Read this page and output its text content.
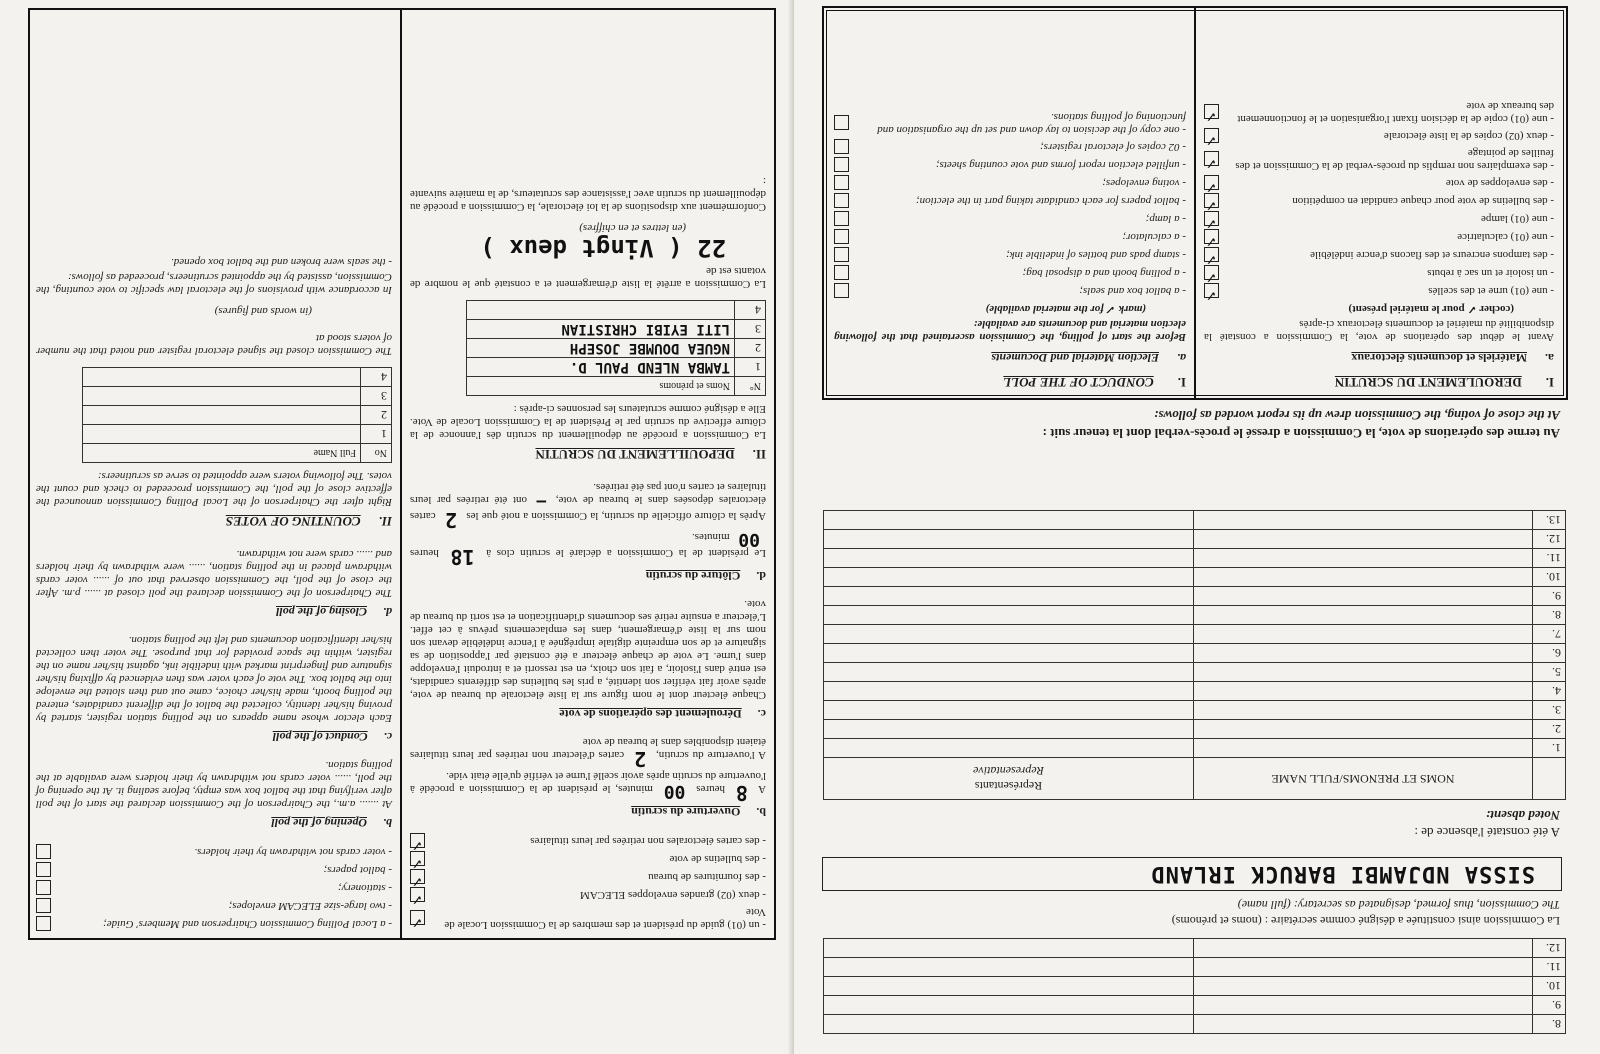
8.		
9.		
10.		
11.		
12.		
La Commission ainsi constituée a désigné comme secrétaire : (noms et prénoms)
The Commission, thus formed, designated as secretary: (full name)
SISSA NDJAMBI BARUCK IRLAND
A été constaté l'absence de :
Noted absent:
	NOMS ET PRENOMS/FULL NAME	Représentants
Representative

1.		
2.		
3.		
4.		
5.		
6.		
7.		
8.		
9.		
10.		
11.		
12.		
13.		
Au terme des opérations de vote, la Commission a dressé le procès-verbal dont la teneur suit :
At the close of voting, the Commission drew up its report worded as follows:
I.
DEROULEMENT DU SCRUTIN
a.
Matériels et documents électoraux
Avant le début des opérations de vote, la Commission a constaté la disponibilité du matériel et documents électoraux ci-après
(cocher ✓ pour le matériel présent)
- une (01) urne et des scellés
✓
- un isoloir et un sac à rebuts
✓
- des tampons encreurs et des flacons d'encre indélébile
✓
- une (01) calculatrice
✓
- une (01) lampe
✓
- des bulletins de vote pour chaque candidat en compétition
✓
- des enveloppes de vote
✓
- des exemplaires non remplis du procès-verbal de la Commission et des feuilles de pointage
✓
- deux (02) copies de la liste électorale
✓
- une (01) copie de la décision fixant l'organisation et le fonctionnement des bureaux de vote
✓
I.
CONDUCT OF THE POLL
a.
Election Material and Documents
Before the start of polling, the Commission ascertained that the following election material and documents are available:
(mark ✓ for the material available)
- a ballot box and seals;
- a polling booth and a disposal bag;
- stamp pads and bottles of indelible ink;
- a calculator;
- a lamp;
- ballot papers for each candidate taking part in the election;
- voting envelopes;
- unfilled election report forms and vote counting sheets;
- 02 copies of electoral registers;
- one copy of the decision to lay down and set up the organisation and functioning of polling stations.
- un (01) guide du président et des membres de la Commission Locale de Vote
✓
- deux (02) grandes enveloppes ELECAM
✓
- des fournitures de bureau
✓
- des bulletins de vote
✓
- des cartes électorales non retirées par leurs titulaires
✓
b.
Ouverture du scrutin
A 8 heures 00 minutes, le président de la Commission a procédé à l'ouverture du scrutin après avoir scellé l'urne et vérifié qu'elle était vide.
A l'ouverture du scrutin, 2 cartes d'électeur non retirées par leurs titulaires étaient disponibles dans le bureau de vote
c.
Déroulement des opérations de vote
Chaque électeur dont le nom figure sur la liste électorale du bureau de vote, après avoir fait vérifier son identité, a pris les bulletins des différents candidats, est entré dans l'isoloir, a fait son choix, en est ressorti et a introduit l'enveloppe dans l'urne. Le vote de chaque électeur a été constaté par l'apposition de sa signature et de son empreinte digitale imprégnée à l'encre indélébile devant son nom sur la liste d'émargement, dans les emplacements prévus à cet effet. L'électeur a ensuite retiré ses documents d'identification et est sorti du bureau de vote.
d.
Clôture du scrutin
Le président de la Commission a déclaré le scrutin clos à 18 heures 00 minutes.
Après la clôture officielle du scrutin, la Commission a noté que les 2 cartes électorales déposées dans le bureau de vote, — ont été retirées par leurs titulaires et cartes n'ont pas été retirées.
II.
DEPOUILLEMENT DU SCRUTIN
La Commission a procédé au dépouillement du scrutin dès l'annonce de la clôture effective du scrutin par le Président de la Commission Locale de Vote. Elle a désigné comme scrutateurs les personnes ci-après :
N°	Noms et prénoms
1	TAMBA NLEND PAUL D.
2	NGUEA DOUMBE JOSEPH
3	LITI EYIBI CHRISTIAN
4	
La Commission a arrêté la liste d'émargement et a constaté que le nombre de votants est de
22 ( Vingt deux )
(en lettres et en chiffres)
Conformément aux dispositions de la loi électorale, la Commission a procédé au dépouillement du scrutin avec l'assistance des scrutateurs, de la manière suivante :
- a Local Polling Commission Chairperson and Members' Guide;
- two large-size ELECAM envelopes;
- stationery;
- ballot papers;
- voter cards not withdrawn by their holders.
b.
Opening of the poll
At ....... a.m., the Chairperson of the Commission declared the start of the poll after verifying that the ballot box was empty, before sealing it. At the opening of the poll, ...... voter cards not withdrawn by their holders were available at the polling station.
c.
Conduct of the poll
Each elector whose name appears on the polling station register, started by proving his/her identity, collected the ballot of the different candidates, entered the polling booth, made his/her choice, came out and then slotted the envelope into the ballot box. The vote of each voter was then evidenced by affixing his/her signature and fingerprint marked with indelible ink, against his/her name on the register, within the space provided for that purpose. The voter then collected his/her identification documents and left the polling station.
d.
Closing of the poll
The Chairperson of the Commission declared the poll closed at ...... p.m. After the close of the poll, the Commission observed that out of ...... voter cards withdrawn placed in the polling station, ...... were withdrawn by their holders and ...... cards were not withdrawn.
II.
COUNTING OF VOTES
Right after the Chairperson of the Local Polling Commission announced the effective close of the poll, the Commission proceeded to check and count the votes. The following voters were appointed to serve as scrutineers:
No	Full Name
1	
2	
3	
4	
The Commission closed the signed electoral register and noted that the number of voters stood at
(in words and figures)
In accordance with provisions of the electoral law specific to vote counting, the Commission, assisted by the appointed scrutineers, proceeded as follows:
- the seals were broken and the ballot box opened.
